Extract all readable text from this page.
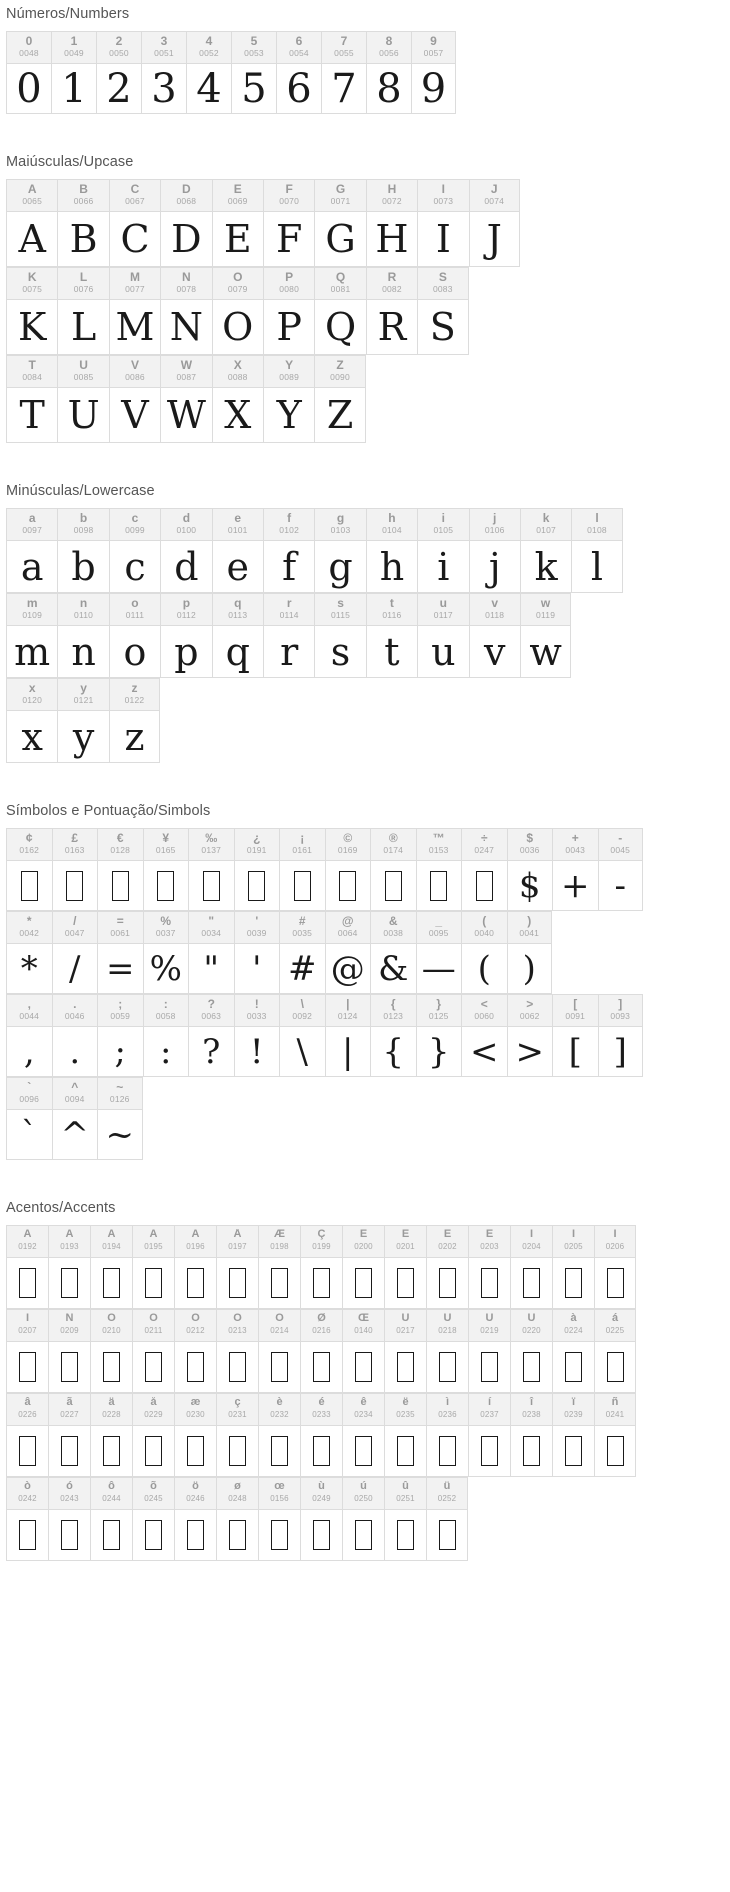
Números/Numbers
0
0048
0
1
0049
1
2
0050
2
3
0051
3
4
0052
4
5
0053
5
6
0054
6
7
0055
7
8
0056
8
9
0057
9
Maiúsculas/Upcase
A
0065
A
B
0066
B
C
0067
C
D
0068
D
E
0069
E
F
0070
F
G
0071
G
H
0072
H
I
0073
I
J
0074
J
K
0075
K
L
0076
L
M
0077
M
N
0078
N
O
0079
O
P
0080
P
Q
0081
Q
R
0082
R
S
0083
S
T
0084
T
U
0085
U
V
0086
V
W
0087
W
X
0088
X
Y
0089
Y
Z
0090
Z
Minúsculas/Lowercase
a
0097
a
b
0098
b
c
0099
c
d
0100
d
e
0101
e
f
0102
f
g
0103
g
h
0104
h
i
0105
i
j
0106
j
k
0107
k
l
0108
l
m
0109
m
n
0110
n
o
0111
o
p
0112
p
q
0113
q
r
0114
r
s
0115
s
t
0116
t
u
0117
u
v
0118
v
w
0119
w
x
0120
x
y
0121
y
z
0122
z
Símbolos e Pontuação/Simbols
¢
0162
£
0163
€
0128
¥
0165
‰
0137
¿
0191
¡
0161
©
0169
®
0174
™
0153
÷
0247
$
0036
$
+
0043
+
-
0045
-
*
0042
*
/
0047
/
=
0061
=
%
0037
%
"
0034
"
'
0039
'
#
0035
#
@
0064
@
&
0038
&
_
0095
—
(
0040
(
)
0041
)
,
0044
,
.
0046
.
;
0059
;
:
0058
:
?
0063
?
!
0033
!
\
0092
\
|
0124
|
{
0123
{
}
0125
}
<
0060
<
>
0062
>
[
0091
[
]
0093
]
`
0096
`
^
0094
^
~
0126
~
Acentos/Accents
À
0192
Á
0193
Â
0194
Ã
0195
Ä
0196
Å
0197
Æ
0198
Ç
0199
È
0200
É
0201
Ê
0202
Ë
0203
Ì
0204
Í
0205
Î
0206
Ï
0207
Ñ
0209
Ò
0210
Ó
0211
Ô
0212
Õ
0213
Ö
0214
Ø
0216
Œ
0140
Ù
0217
Ú
0218
Û
0219
Ü
0220
à
0224
á
0225
â
0226
ã
0227
ä
0228
å
0229
æ
0230
ç
0231
è
0232
é
0233
ê
0234
ë
0235
ì
0236
í
0237
î
0238
ï
0239
ñ
0241
ò
0242
ó
0243
ô
0244
õ
0245
ö
0246
ø
0248
œ
0156
ù
0249
ú
0250
û
0251
ü
0252
